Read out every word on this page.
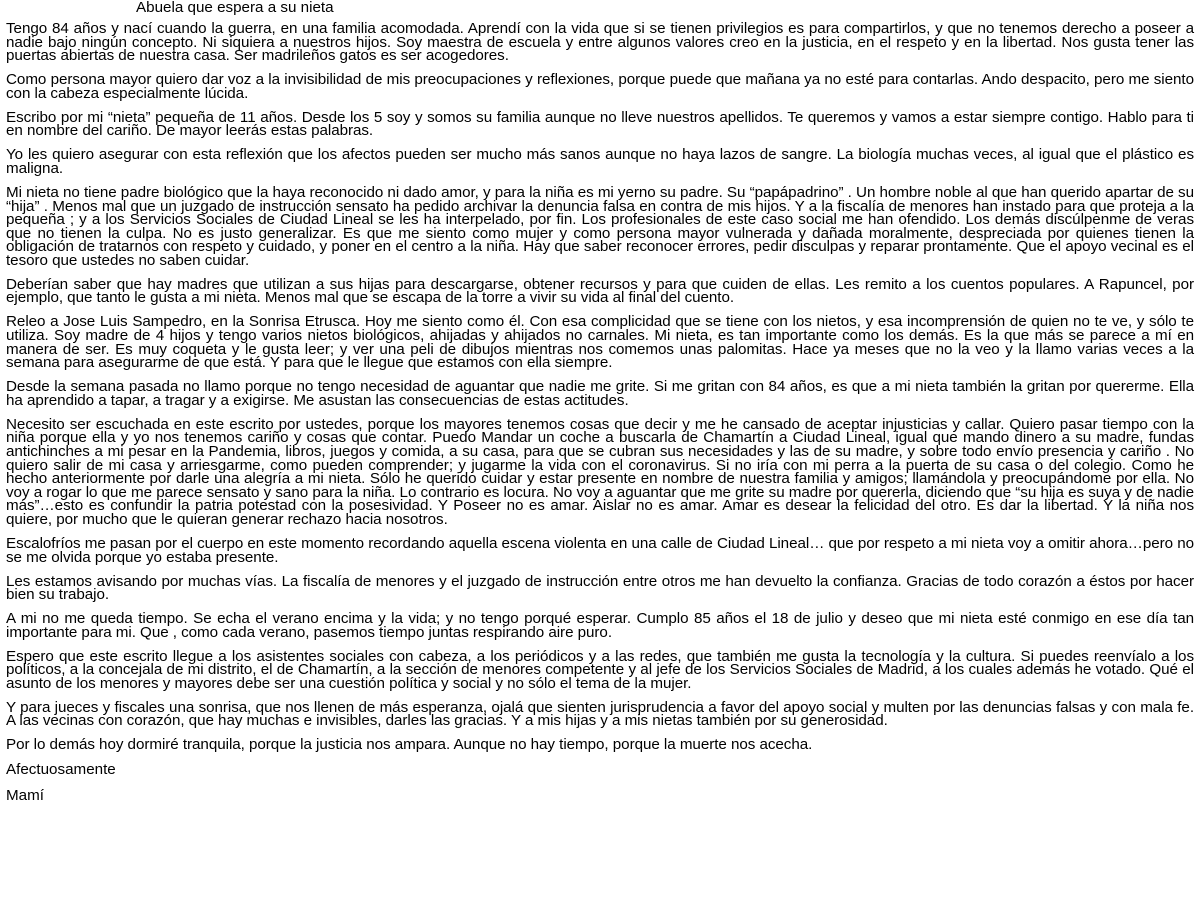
Abuela que espera a su nieta

Tengo 84 años y nací cuando la guerra, en una familia acomodada. Aprendí con la vida que si se tienen privilegios es para compartirlos, y que no tenemos derecho a poseer a nadie bajo ningún concepto. Ni siquiera a nuestros hijos. Soy maestra de escuela y entre algunos valores creo en la justicia, en el respeto y en la libertad. Nos gusta tener las puertas abiertas de nuestra casa. Ser madrileños gatos es ser acogedores.

Como persona mayor quiero dar voz a la invisibilidad de mis preocupaciones y reflexiones, porque puede que mañana ya no esté para contarlas. Ando despacito, pero me siento con la cabeza especialmente lúcida.

Escribo por mi “nieta” pequeña de 11 años. Desde los 5 soy y somos su familia aunque no lleve nuestros apellidos. Te queremos y vamos a estar siempre contigo. Hablo para ti en nombre del cariño. De mayor leerás estas palabras.

Yo les quiero asegurar con esta reflexión que los afectos pueden ser mucho más sanos aunque no haya lazos de sangre. La biología muchas veces, al igual que el plástico es maligna.

Mi nieta no tiene padre biológico que la haya reconocido ni dado amor, y para la niña es mi yerno su padre. Su “papápadrino” . Un hombre noble al que han querido apartar de su “hija” . Menos mal que un juzgado de instrucción sensato ha pedido archivar la denuncia falsa en contra de mis hijos. Y a la fiscalía de menores han instado para que proteja a la pequeña ; y a los Servicios Sociales de Ciudad Lineal se les ha interpelado, por fin. Los profesionales de este caso social me han ofendido. Los demás discúlpenme de veras que no tienen la culpa. No es justo generalizar. Es que me siento como mujer y como persona mayor vulnerada y dañada moralmente, despreciada por quienes tienen la obligación de tratarnos con respeto y cuidado, y poner en el centro a la niña. Hay que saber reconocer errores, pedir disculpas y reparar prontamente. Que el apoyo vecinal es el tesoro que ustedes no saben cuidar.

Deberían saber que hay madres que utilizan a sus hijas para descargarse, obtener recursos y para que cuiden de ellas. Les remito a los cuentos populares. A Rapuncel, por ejemplo, que tanto le gusta a mi nieta. Menos mal que se escapa de la torre a vivir su vida al final del cuento.

Releo a Jose Luis Sampedro, en la Sonrisa Etrusca. Hoy me siento como él. Con esa complicidad que se tiene con los nietos, y esa incomprensión de quien no te ve, y sólo te utiliza. Soy madre de 4 hijos y tengo varios nietos biológicos, ahijadas y ahijados no carnales. Mi nieta, es tan importante como los demás. Es la que más se parece a mí en manera de ser. Es muy coqueta y le gusta leer; y ver una peli de dibujos mientras nos comemos unas palomitas. Hace ya meses que no la veo y la llamo varias veces a la semana para asegurarme de que está. Y para que le llegue que estamos con ella siempre.

Desde la semana pasada no llamo porque no tengo necesidad de aguantar que nadie me grite. Si me gritan con 84 años, es que a mi nieta también la gritan por quererme. Ella ha aprendido a tapar, a tragar y a exigirse. Me asustan las consecuencias de estas actitudes.

Necesito ser escuchada en este escrito por ustedes, porque los mayores tenemos cosas que decir y me he cansado de aceptar injusticias y callar. Quiero pasar tiempo con la niña porque ella y yo nos tenemos cariño y cosas que contar. Puedo Mandar un coche a buscarla de Chamartín a Ciudad Lineal, igual que mando dinero a su madre, fundas antichinches a mi pesar en la Pandemia, libros, juegos y comida, a su casa, para que se cubran sus necesidades y las de su madre, y sobre todo envío presencia y cariño . No quiero salir de mi casa y arriesgarme, como pueden comprender; y jugarme la vida con el coronavirus. Si no iría con mi perra a la puerta de su casa o del colegio. Como he hecho anteriormente por darle una alegría a mi nieta. Sólo he querido cuidar y estar presente en nombre de nuestra familia y amigos; llamándola y preocupándome por ella. No voy a rogar lo que me parece sensato y sano para la niña. Lo contrario es locura. No voy a aguantar que me grite su madre por quererla, diciendo que “su hija es suya y de nadie más”…esto es confundir la patria potestad con la posesividad. Y Poseer no es amar. Aislar no es amar. Amar es desear la felicidad del otro. Es dar la libertad. Y la niña nos quiere, por mucho que le quieran generar rechazo hacia nosotros.

Escalofríos me pasan por el cuerpo en este momento recordando aquella escena violenta en una calle de Ciudad Lineal… que por respeto a mi nieta voy a omitir ahora…pero no se me olvida porque yo estaba presente.

Les estamos avisando por muchas vías. La fiscalía de menores y el juzgado de instrucción entre otros me han devuelto la confianza. Gracias de todo corazón a éstos por hacer bien su trabajo.

A mi no me queda tiempo. Se echa el verano encima y la vida; y no tengo porqué esperar. Cumplo 85 años el 18 de julio y deseo que mi nieta esté conmigo en ese día tan importante para mi. Que , como cada verano, pasemos tiempo juntas respirando aire puro.

Espero que este escrito llegue a los asistentes sociales con cabeza, a los periódicos y a las redes, que también me gusta la tecnología y la cultura. Si puedes reenvíalo a los políticos, a la concejala de mi distrito, el de Chamartín, a la sección de menores competente y al jefe de los Servicios Sociales de Madrid, a los cuales además he votado. Qué el asunto de los menores y mayores debe ser una cuestión política y social y no sólo el tema de la mujer.

Y para jueces y fiscales una sonrisa, que nos llenen de más esperanza, ojalá que sienten jurisprudencia a favor del apoyo social y multen por las denuncias falsas y con mala fe. A las vecinas con corazón, que hay muchas e invisibles, darles las gracias. Y a mis hijas y a mis nietas también por su generosidad.

Por lo demás hoy dormiré tranquila, porque la justicia nos ampara. Aunque no hay tiempo, porque la muerte nos acecha.

Afectuosamente
Mamí
